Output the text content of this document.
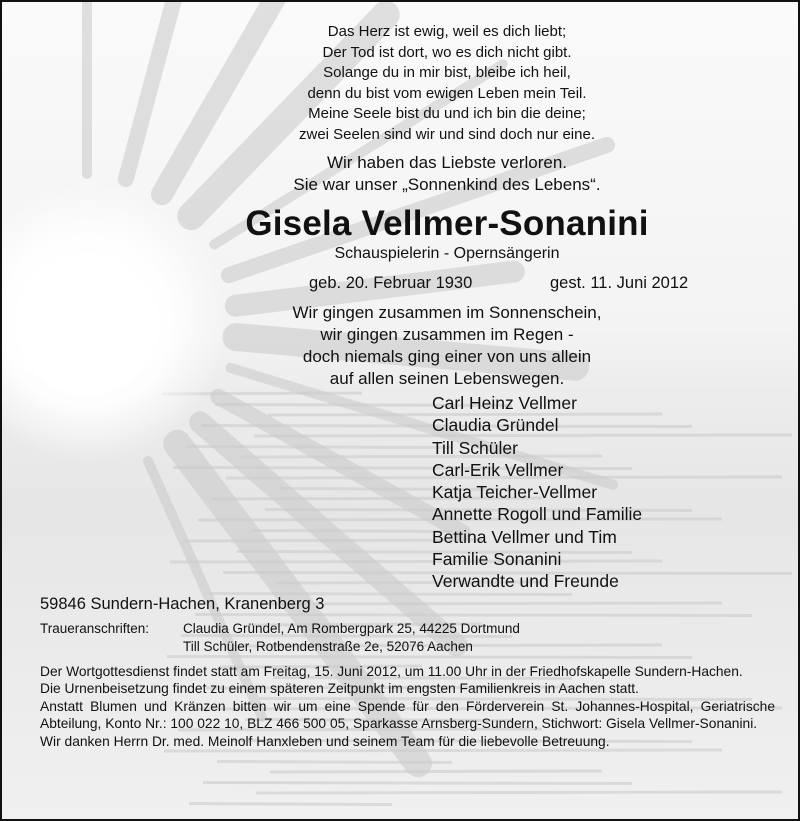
Das Herz ist ewig, weil es dich liebt;
Der Tod ist dort, wo es dich nicht gibt.
Solange du in mir bist, bleibe ich heil,
denn du bist vom ewigen Leben mein Teil.
Meine Seele bist du und ich bin die deine;
zwei Seelen sind wir und sind doch nur eine.
Wir haben das Liebste verloren.
Sie war unser „Sonnenkind des Lebens“.
Gisela Vellmer-Sonanini
Schauspielerin - Opernsängerin
geb. 20. Februar 1930	gest. 11. Juni 2012
Wir gingen zusammen im Sonnenschein,
wir gingen zusammen im Regen -
doch niemals ging einer von uns allein
auf allen seinen Lebenswegen.
Carl Heinz Vellmer
Claudia Gründel
Till Schüler
Carl-Erik Vellmer
Katja Teicher-Vellmer
Annette Rogoll und Familie
Bettina Vellmer und Tim
Familie Sonanini
Verwandte und Freunde
59846 Sundern-Hachen, Kranenberg 3
Traueranschriften:	Claudia Gründel, Am Rombergpark 25, 44225 Dortmund
Till Schüler, Rotbendenstraße 2e, 52076 Aachen

Der Wortgottesdienst findet statt am Freitag, 15. Juni 2012, um 11.00 Uhr in der Friedhofskapelle Sundern-Hachen.

Die Urnenbeisetzung findet zu einem späteren Zeitpunkt im engsten Familienkreis in Aachen statt.

Anstatt Blumen und Kränzen bitten wir um eine Spende für den Förderverein St. Johannes-Hospital, Geriatrische Abteilung, Konto Nr.: 100 022 10, BLZ 466 500 05, Sparkasse Arnsberg-Sundern, Stichwort: Gisela Vellmer-Sonanini.

Wir danken Herrn Dr. med. Meinolf Hanxleben und seinem Team für die liebevolle Betreuung.
